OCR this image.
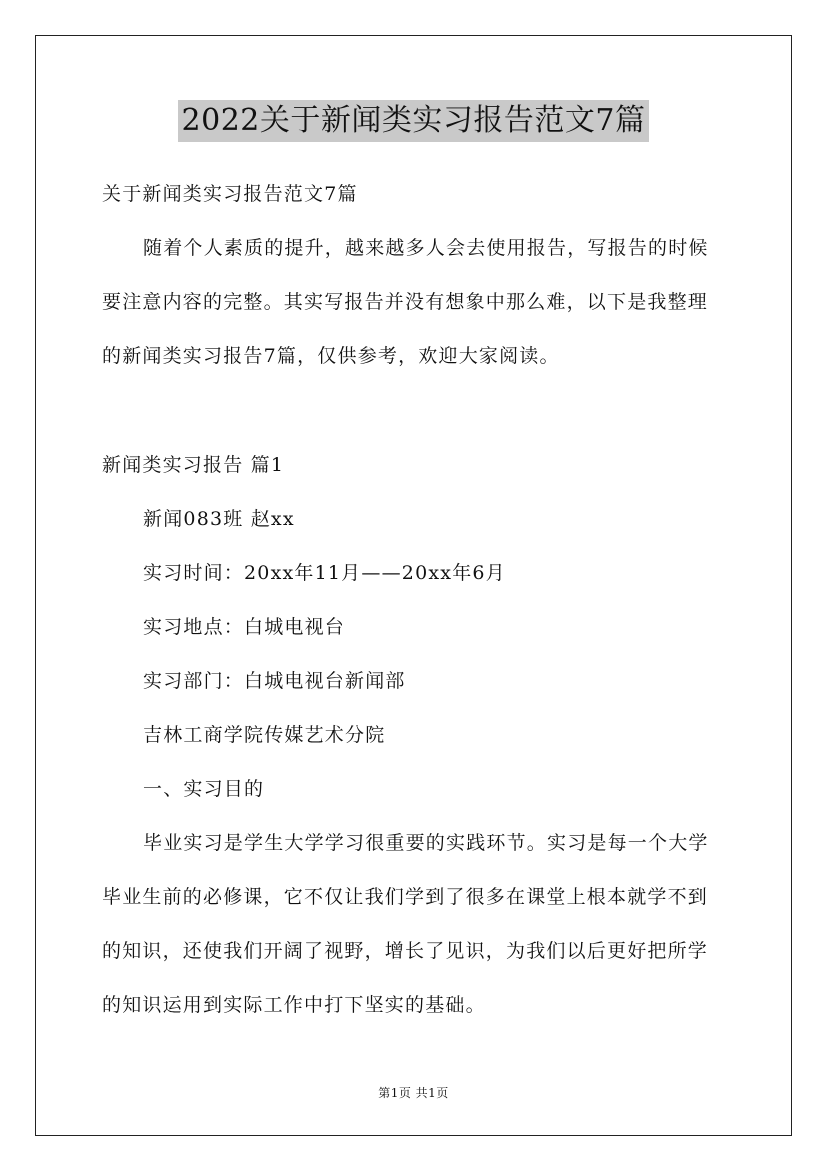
2022关于新闻类实习报告范文7篇
关于新闻类实习报告范文7篇
随着个人素质的提升，越来越多人会去使用报告，写报告的时候
要注意内容的完整。其实写报告并没有想象中那么难，以下是我整理
的新闻类实习报告7篇，仅供参考，欢迎大家阅读。
新闻类实习报告 篇1
新闻083班 赵xx
实习时间：20xx年11月——20xx年6月
实习地点：白城电视台
实习部门：白城电视台新闻部
吉林工商学院传媒艺术分院
一、实习目的
毕业实习是学生大学学习很重要的实践环节。实习是每一个大学
毕业生前的必修课，它不仅让我们学到了很多在课堂上根本就学不到
的知识，还使我们开阔了视野，增长了见识，为我们以后更好把所学
的知识运用到实际工作中打下坚实的基础。
第1页 共1页
